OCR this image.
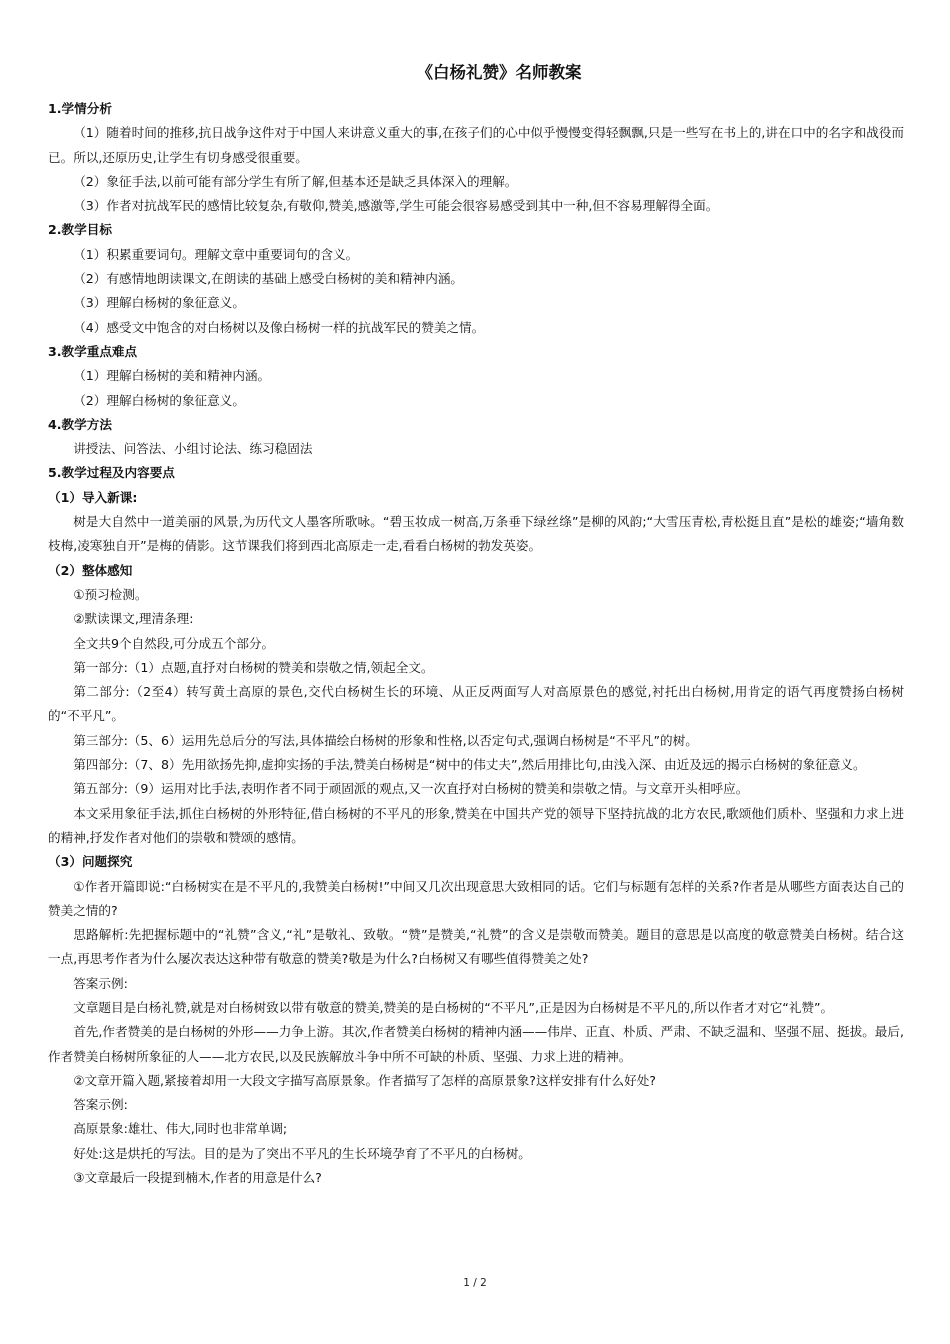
《白杨礼赞》名师教案
1.学情分析
（1）随着时间的推移,抗日战争这件对于中国人来讲意义重大的事,在孩子们的心中似乎慢慢变得轻飘飘,只是一些写在书上的,讲在口中的名字和战役而已。所以,还原历史,让学生有切身感受很重要。
（2）象征手法,以前可能有部分学生有所了解,但基本还是缺乏具体深入的理解。
（3）作者对抗战军民的感情比较复杂,有敬仰,赞美,感激等,学生可能会很容易感受到其中一种,但不容易理解得全面。
2.教学目标
（1）积累重要词句。理解文章中重要词句的含义。
（2）有感情地朗读课文,在朗读的基础上感受白杨树的美和精神内涵。
（3）理解白杨树的象征意义。
（4）感受文中饱含的对白杨树以及像白杨树一样的抗战军民的赞美之情。
3.教学重点难点
（1）理解白杨树的美和精神内涵。
（2）理解白杨树的象征意义。
4.教学方法
讲授法、问答法、小组讨论法、练习稳固法
5.教学过程及内容要点
（1）导入新课:
树是大自然中一道美丽的风景,为历代文人墨客所歌咏。“碧玉妆成一树高,万条垂下绿丝绦”是柳的风韵;“大雪压青松,青松挺且直”是松的雄姿;“墙角数枝梅,凌寒独自开”是梅的倩影。这节课我们将到西北高原走一走,看看白杨树的勃发英姿。
（2）整体感知
①预习检测。
②默读课文,理清条理:
全文共9个自然段,可分成五个部分。
第一部分:（1）点题,直抒对白杨树的赞美和崇敬之情,领起全文。
第二部分:（2至4）转写黄土高原的景色,交代白杨树生长的环境、从正反两面写人对高原景色的感觉,衬托出白杨树,用肯定的语气再度赞扬白杨树的“不平凡”。
第三部分:（5、6）运用先总后分的写法,具体描绘白杨树的形象和性格,以否定句式,强调白杨树是“不平凡”的树。
第四部分:（7、8）先用欲扬先抑,虚抑实扬的手法,赞美白杨树是“树中的伟丈夫”,然后用排比句,由浅入深、由近及远的揭示白杨树的象征意义。
第五部分:（9）运用对比手法,表明作者不同于顽固派的观点,又一次直抒对白杨树的赞美和崇敬之情。与文章开头相呼应。
本文采用象征手法,抓住白杨树的外形特征,借白杨树的不平凡的形象,赞美在中国共产党的领导下坚持抗战的北方农民,歌颂他们质朴、坚强和力求上进的精神,抒发作者对他们的崇敬和赞颂的感情。
（3）问题探究
①作者开篇即说:“白杨树实在是不平凡的,我赞美白杨树!”中间又几次出现意思大致相同的话。它们与标题有怎样的关系?作者是从哪些方面表达自己的赞美之情的?
思路解析:先把握标题中的“礼赞”含义,“礼”是敬礼、致敬。“赞”是赞美,“礼赞”的含义是崇敬而赞美。题目的意思是以高度的敬意赞美白杨树。结合这一点,再思考作者为什么屡次表达这种带有敬意的赞美?敬是为什么?白杨树又有哪些值得赞美之处?
答案示例:
文章题目是白杨礼赞,就是对白杨树致以带有敬意的赞美,赞美的是白杨树的“不平凡”,正是因为白杨树是不平凡的,所以作者才对它“礼赞”。
首先,作者赞美的是白杨树的外形——力争上游。其次,作者赞美白杨树的精神内涵——伟岸、正直、朴质、严肃、不缺乏温和、坚强不屈、挺拔。最后,作者赞美白杨树所象征的人——北方农民,以及民族解放斗争中所不可缺的朴质、坚强、力求上进的精神。
②文章开篇入题,紧接着却用一大段文字描写高原景象。作者描写了怎样的高原景象?这样安排有什么好处?
答案示例:
高原景象:雄壮、伟大,同时也非常单调;
好处:这是烘托的写法。目的是为了突出不平凡的生长环境孕育了不平凡的白杨树。
③文章最后一段提到楠木,作者的用意是什么?
1 / 2
